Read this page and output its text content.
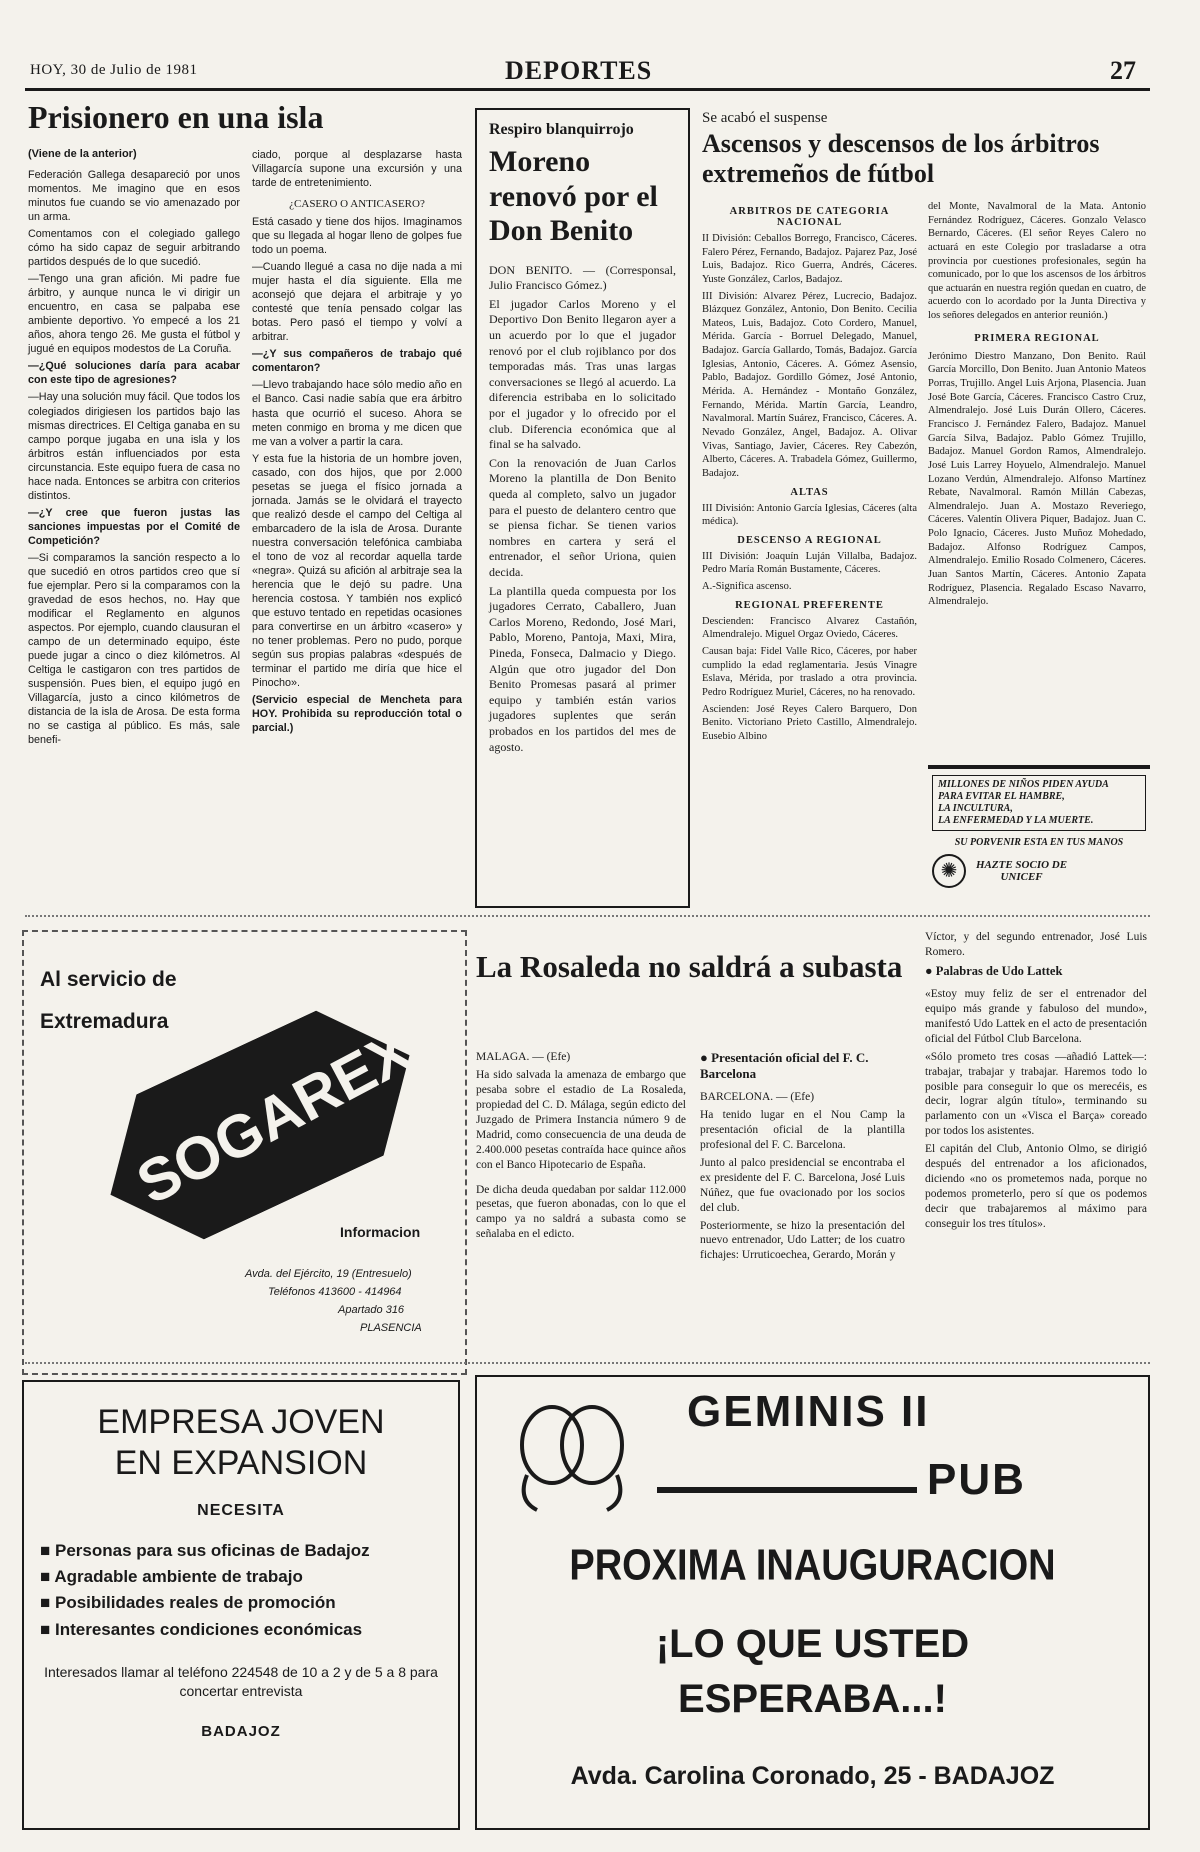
HOY, 30 de Julio de 1981	DEPORTES	27
Prisionero en una isla
(Viene de la anterior)

Federación Gallega desapareció por unos momentos. Me imagino que en esos minutos fue cuando se vio amenazado por un arma.

Comentamos con el colegiado gallego cómo ha sido capaz de seguir arbitrando partidos después de lo que sucedió.

—Tengo una gran afición. Mi padre fue árbitro, y aunque nunca le vi dirigir un encuentro, en casa se palpaba ese ambiente deportivo. Yo empecé a los 21 años, ahora tengo 26. Me gusta el fútbol y jugué en equipos modestos de La Coruña.

—¿Qué soluciones daría para acabar con este tipo de agresiones?

—Hay una solución muy fácil. Que todos los colegiados dirigiesen los partidos bajo las mismas directrices. El Celtiga ganaba en su campo porque jugaba en una isla y los árbitros están influenciados por esta circunstancia. Este equipo fuera de casa no hace nada. Entonces se arbitra con criterios distintos.

—¿Y cree que fueron justas las sanciones impuestas por el Comité de Competición?

—Si comparamos la sanción respecto a lo que sucedió en otros partidos creo que sí fue ejemplar. Pero si la comparamos con la gravedad de esos hechos, no. Hay que modificar el Reglamento en algunos aspectos. Por ejemplo, cuando clausuran el campo de un determinado equipo, éste puede jugar a cinco o diez kilómetros. Al Celtiga le castigaron con tres partidos de suspensión. Pues bien, el equipo jugó en Villagarcía, justo a cinco kilómetros de distancia de la isla de Arosa. De esta forma no se castiga al público. Es más, sale benefi-

ciado, porque al desplazarse hasta Villagarcía supone una excursión y una tarde de entretenimiento.

¿CASERO O ANTICASERO?

Está casado y tiene dos hijos. Imaginamos que su llegada al hogar lleno de golpes fue todo un poema.

—Cuando llegué a casa no dije nada a mi mujer hasta el día siguiente. Ella me aconsejó que dejara el arbitraje y yo contesté que tenía pensado colgar las botas. Pero pasó el tiempo y volví a arbitrar.

—¿Y sus compañeros de trabajo qué comentaron?

—Llevo trabajando hace sólo medio año en el Banco. Casi nadie sabía que era árbitro hasta que ocurrió el suceso. Ahora se meten conmigo en broma y me dicen que me van a volver a partir la cara.

Y esta fue la historia de un hombre joven, casado, con dos hijos, que por 2.000 pesetas se juega el físico jornada a jornada. Jamás se le olvidará el trayecto que realizó desde el campo del Celtiga al embarcadero de la isla de Arosa. Durante nuestra conversación telefónica cambiaba el tono de voz al recordar aquella tarde «negra». Quizá su afición al arbitraje sea la herencia que le dejó su padre. Una herencia costosa. Y también nos explicó que estuvo tentado en repetidas ocasiones para convertirse en un árbitro «casero» y no tener problemas. Pero no pudo, porque según sus propias palabras «después de terminar el partido me diría que hice el Pinocho».

(Servicio especial de Mencheta para HOY. Prohibida su reproducción total o parcial.)

Respiro blanquirrojo
Moreno renovó por el Don Benito

DON BENITO. — (Corresponsal, Julio Francisco Gómez.)

El jugador Carlos Moreno y el Deportivo Don Benito llegaron ayer a un acuerdo por lo que el jugador renovó por el club rojiblanco por dos temporadas más. Tras unas largas conversaciones se llegó al acuerdo. La diferencia estribaba en lo solicitado por el jugador y lo ofrecido por el club. Diferencia económica que al final se ha salvado.

Con la renovación de Juan Carlos Moreno la plantilla de Don Benito queda al completo, salvo un jugador para el puesto de delantero centro que se piensa fichar. Se tienen varios nombres en cartera y será el entrenador, el señor Uriona, quien decida.

La plantilla queda compuesta por los jugadores Cerrato, Caballero, Juan Carlos Moreno, Redondo, José Mari, Pablo, Moreno, Pantoja, Maxi, Mira, Pineda, Fonseca, Dalmacio y Diego. Algún que otro jugador del Don Benito Promesas pasará al primer equipo y también están varios jugadores suplentes que serán probados en los partidos del mes de agosto.

Se acabó el suspense
Ascensos y descensos de los árbitros extremeños de fútbol
ARBITROS DE CATEGORIA NACIONAL

II División: Ceballos Borrego, Francisco, Cáceres. Falero Pérez, Fernando, Badajoz. Pajarez Paz, José Luis, Badajoz. Rico Guerra, Andrés, Cáceres. Yuste González, Carlos, Badajoz.

III División: Alvarez Pérez, Lucrecio, Badajoz. Blázquez González, Antonio, Don Benito. Cecilia Mateos, Luis, Badajoz. Coto Cordero, Manuel, Mérida. García - Borruel Delegado, Manuel, Badajoz. García Gallardo, Tomás, Badajoz. García Iglesias, Antonio, Cáceres. A. Gómez Asensio, Pablo, Badajoz. Gordillo Gómez, José Antonio, Mérida. A. Hernández - Montaño González, Fernando, Mérida. Martín García, Leandro, Navalmoral. Martín Suárez, Francisco, Cáceres. A. Nevado González, Angel, Badajoz. A. Olivar Vivas, Santiago, Javier, Cáceres. Rey Cabezón, Alberto, Cáceres. A. Trabadela Gómez, Guillermo, Badajoz.

ALTAS

III División: Antonio García Iglesias, Cáceres (alta médica).

DESCENSO A REGIONAL

III División: Joaquín Luján Villalba, Badajoz. Pedro María Román Bustamente, Cáceres.

A.-Significa ascenso.

REGIONAL PREFERENTE

Descienden: Francisco Alvarez Castañón, Almendralejo. Miguel Orgaz Oviedo, Cáceres.

Causan baja: Fidel Valle Rico, Cáceres, por haber cumplido la edad reglamentaria. Jesús Vinagre Eslava, Mérida, por traslado a otra provincia. Pedro Rodríguez Muriel, Cáceres, no ha renovado.

Ascienden: José Reyes Calero Barquero, Don Benito. Victoriano Prieto Castillo, Almendralejo. Eusebio Albino

del Monte, Navalmoral de la Mata. Antonio Fernández Rodríguez, Cáceres. Gonzalo Velasco Bernardo, Cáceres. (El señor Reyes Calero no actuará en este Colegio por trasladarse a otra provincia por cuestiones profesionales, según ha comunicado, por lo que los ascensos de los árbitros que actuarán en nuestra región quedan en cuatro, de acuerdo con lo acordado por la Junta Directiva y los señores delegados en anterior reunión.)

PRIMERA REGIONAL

Jerónimo Diestro Manzano, Don Benito. Raúl García Morcillo, Don Benito. Juan Antonio Mateos Porras, Trujillo. Angel Luis Arjona, Plasencia. Juan José Bote García, Cáceres. Francisco Castro Cruz, Almendralejo. José Luis Durán Ollero, Cáceres. Francisco J. Fernández Falero, Badajoz. Manuel García Silva, Badajoz. Pablo Gómez Trujillo, Badajoz. Manuel Gordon Ramos, Almendralejo. José Luis Larrey Hoyuelo, Almendralejo. Manuel Lozano Verdún, Almendralejo. Alfonso Martínez Rebate, Navalmoral. Ramón Millán Cabezas, Almendralejo. Juan A. Mostazo Reveriego, Cáceres. Valentín Olivera Piquer, Badajoz. Juan C. Polo Ignacio, Cáceres. Justo Muñoz Mohedado, Badajoz. Alfonso Rodríguez Campos, Almendralejo. Emilio Rosado Colmenero, Cáceres. Juan Santos Martín, Cáceres. Antonio Zapata Rodríguez, Plasencia. Regalado Escaso Navarro, Almendralejo.

MILLONES DE NIÑOS PIDEN AYUDA
PARA EVITAR EL HAMBRE,
LA INCULTURA,
LA ENFERMEDAD Y LA MUERTE.
SU PORVENIR ESTA EN TUS MANOS
✺	HAZTE SOCIO DE
UNICEF
Al servicio de
Extremadura
SOGAREX
Informacion
Avda. del Ejército, 19 (Entresuelo)
Teléfonos 413600 - 414964
Apartado 316
PLASENCIA
La Rosaleda no saldrá a subasta

MALAGA. — (Efe)

Ha sido salvada la amenaza de embargo que pesaba sobre el estadio de La Rosaleda, propiedad del C. D. Málaga, según edicto del Juzgado de Primera Instancia número 9 de Madrid, como consecuencia de una deuda de 2.400.000 pesetas contraída hace quince años con el Banco Hipotecario de España.

De dicha deuda quedaban por saldar 112.000 pesetas, que fueron abonadas, con lo que el campo ya no saldrá a subasta como se señalaba en el edicto.

● Presentación oficial del F. C. Barcelona

BARCELONA. — (Efe)

Ha tenido lugar en el Nou Camp la presentación oficial de la plantilla profesional del F. C. Barcelona.

Junto al palco presidencial se encontraba el ex presidente del F. C. Barcelona, José Luis Núñez, que fue ovacionado por los socios del club.

Posteriormente, se hizo la presentación del nuevo entrenador, Udo Latter; de los cuatro fichajes: Urruticoechea, Gerardo, Morán y

Víctor, y del segundo entrenador, José Luis Romero.

● Palabras de Udo Lattek

«Estoy muy feliz de ser el entrenador del equipo más grande y fabuloso del mundo», manifestó Udo Lattek en el acto de presentación oficial del Fútbol Club Barcelona.

«Sólo prometo tres cosas —añadió Lattek—: trabajar, trabajar y trabajar. Haremos todo lo posible para conseguir lo que os merecéis, es decir, lograr algún título», terminando su parlamento con un «Visca el Barça» coreado por todos los asistentes.

El capitán del Club, Antonio Olmo, se dirigió después del entrenador a los aficionados, diciendo «no os prometemos nada, porque no podemos prometerlo, pero sí que os podemos decir que trabajaremos al máximo para conseguir los tres títulos».

EMPRESA JOVEN
EN EXPANSION
NECESITA
■ Personas para sus oficinas de Badajoz
■ Agradable ambiente de trabajo
■ Posibilidades reales de promoción
■ Interesantes condiciones económicas
Interesados llamar al teléfono 224548 de 10 a 2 y de 5 a 8 para concertar entrevista
BADAJOZ
GEMINIS II
PUB
PROXIMA INAUGURACION
¡LO QUE USTED
ESPERABA...!
Avda. Carolina Coronado, 25 - BADAJOZ
